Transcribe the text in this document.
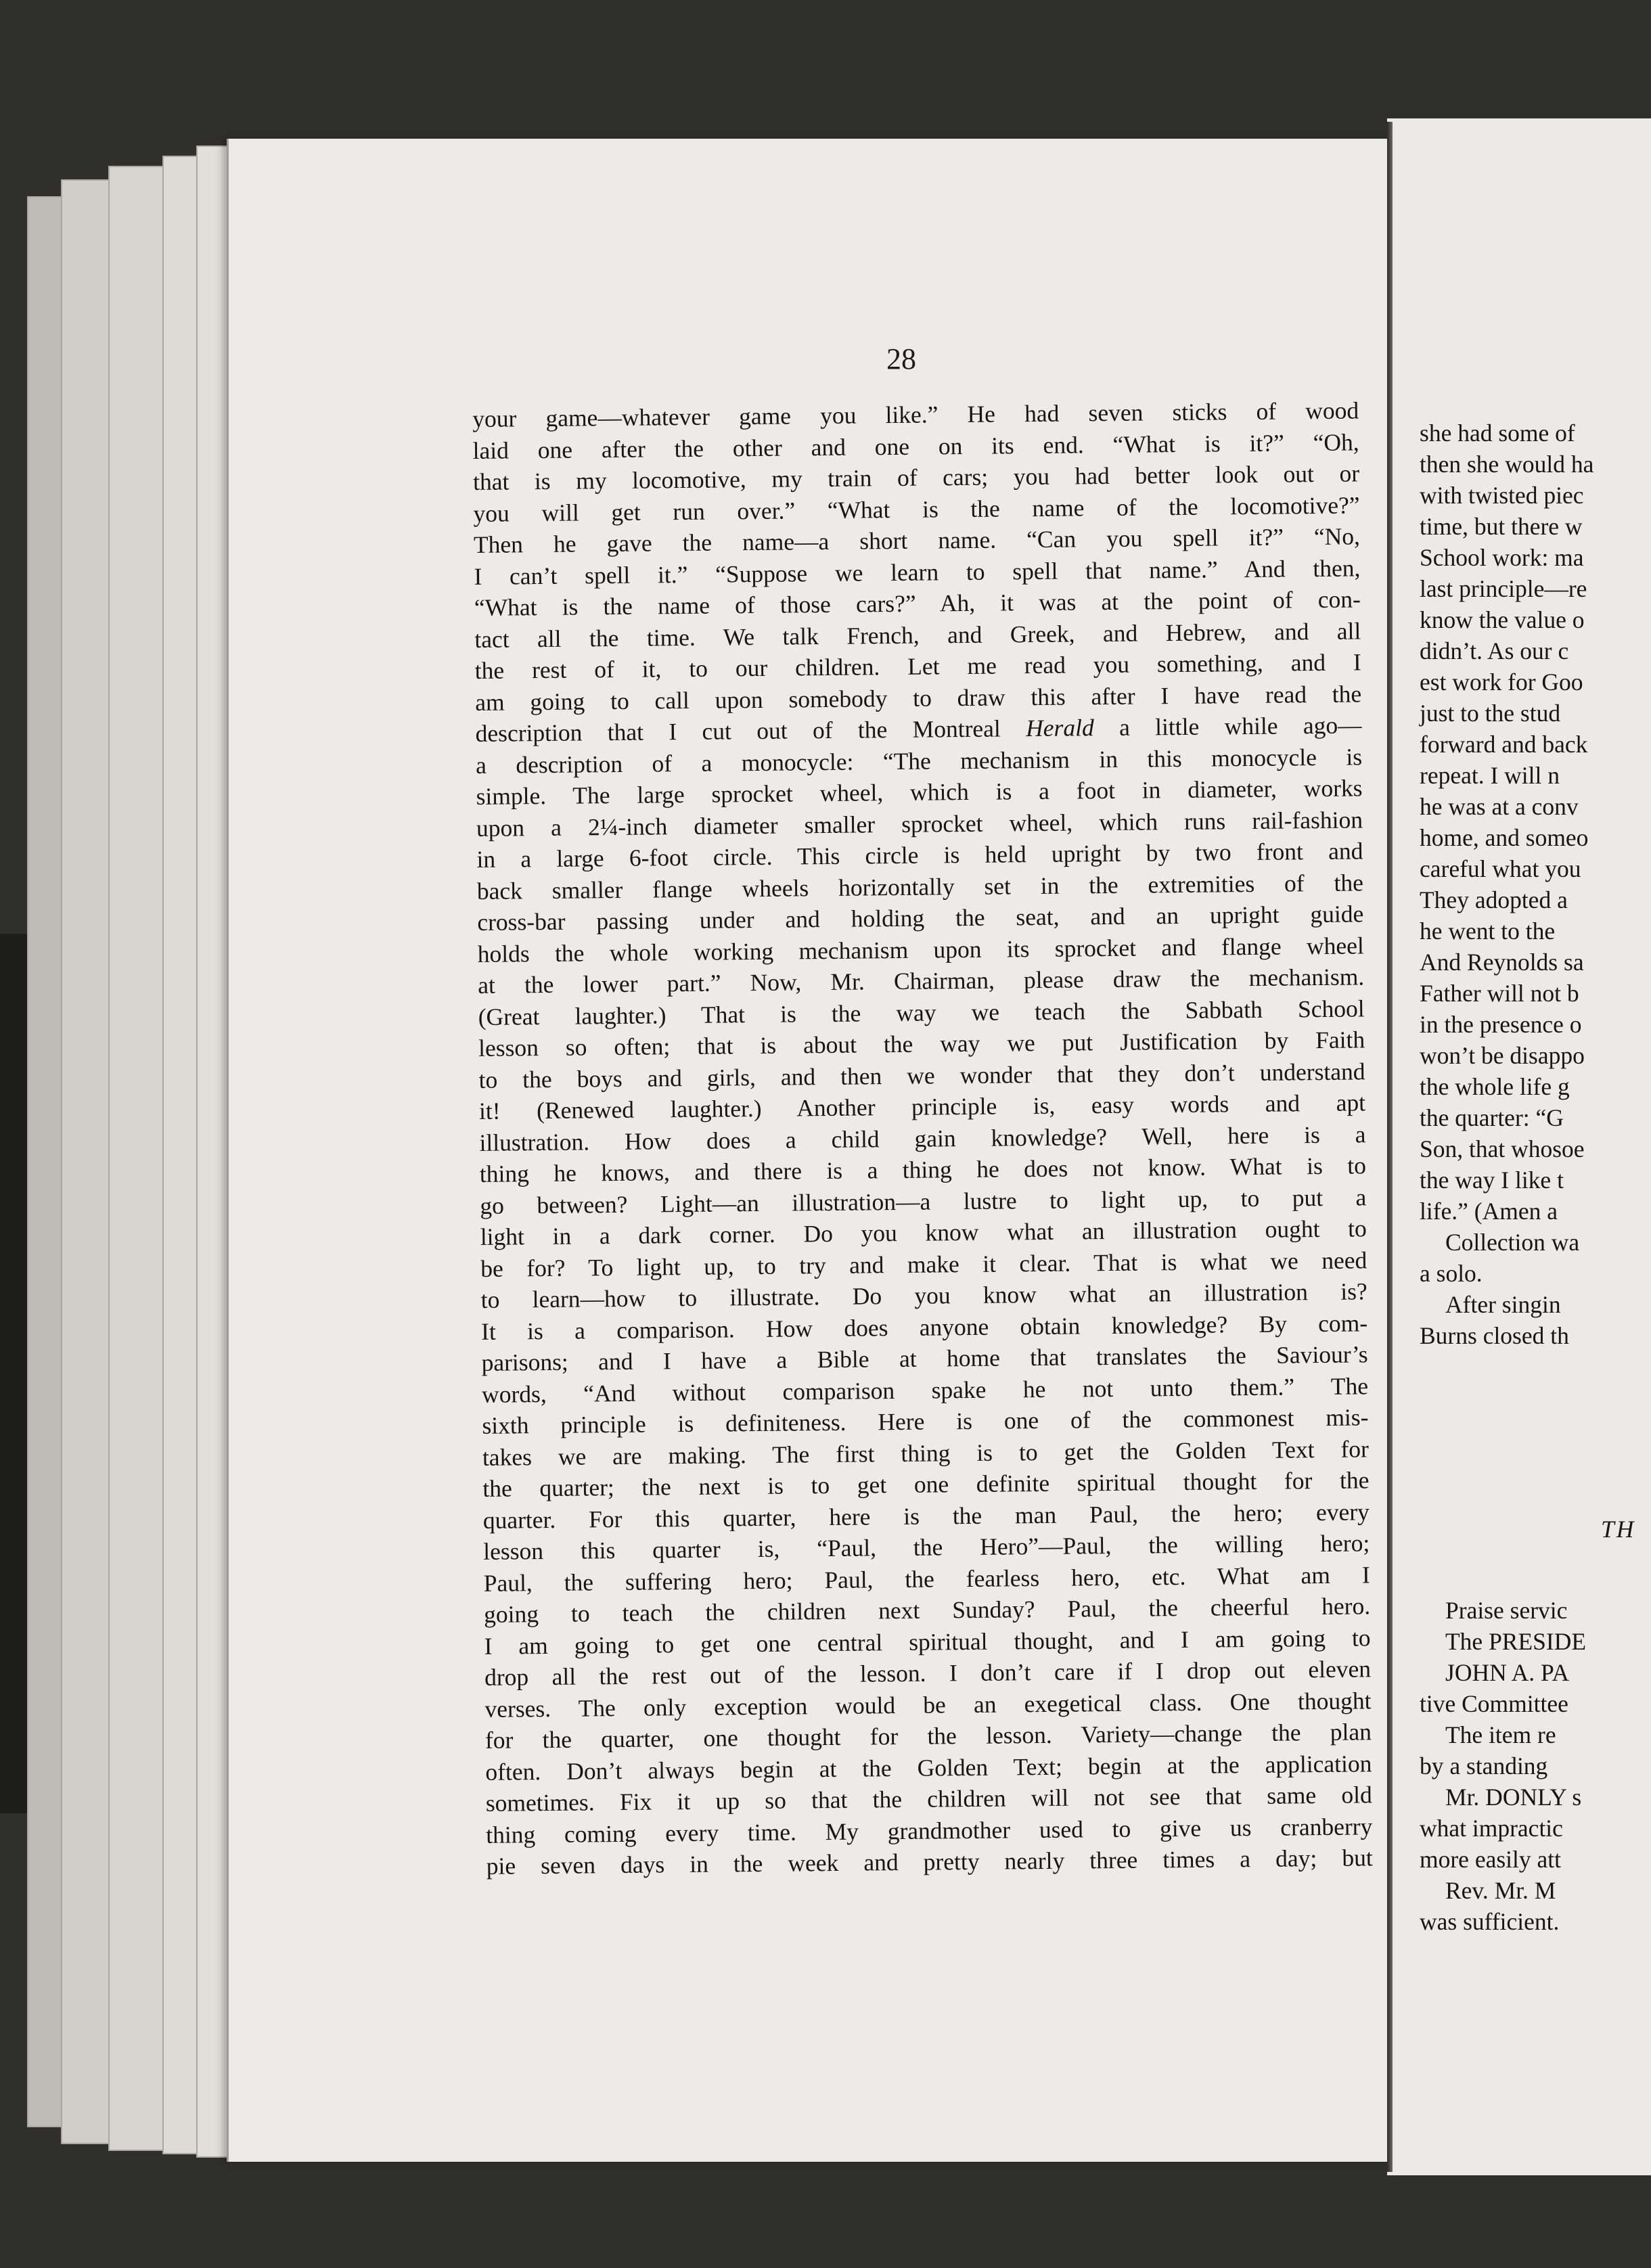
28
your game—whatever game you like.” He had seven sticks of wood
laid one after the other and one on its end. “What is it?” “Oh,
that is my locomotive, my train of cars; you had better look out or
you will get run over.” “What is the name of the locomotive?”
Then he gave the name—a short name. “Can you spell it?” “No,
I can’t spell it.” “Suppose we learn to spell that name.” And then,
“What is the name of those cars?” Ah, it was at the point of con-
tact all the time. We talk French, and Greek, and Hebrew, and all
the rest of it, to our children. Let me read you something, and I
am going to call upon somebody to draw this after I have read the
description that I cut out of the Montreal Herald a little while ago—
a description of a monocycle: “The mechanism in this monocycle is
simple. The large sprocket wheel, which is a foot in diameter, works
upon a 2¼-inch diameter smaller sprocket wheel, which runs rail-fashion
in a large 6-foot circle. This circle is held upright by two front and
back smaller flange wheels horizontally set in the extremities of the
cross-bar passing under and holding the seat, and an upright guide
holds the whole working mechanism upon its sprocket and flange wheel
at the lower part.” Now, Mr. Chairman, please draw the mechanism.
(Great laughter.) That is the way we teach the Sabbath School
lesson so often; that is about the way we put Justification by Faith
to the boys and girls, and then we wonder that they don’t understand
it! (Renewed laughter.) Another principle is, easy words and apt
illustration. How does a child gain knowledge? Well, here is a
thing he knows, and there is a thing he does not know. What is to
go between? Light—an illustration—a lustre to light up, to put a
light in a dark corner. Do you know what an illustration ought to
be for? To light up, to try and make it clear. That is what we need
to learn—how to illustrate. Do you know what an illustration is?
It is a comparison. How does anyone obtain knowledge? By com-
parisons; and I have a Bible at home that translates the Saviour’s
words, “And without comparison spake he not unto them.” The
sixth principle is definiteness. Here is one of the commonest mis-
takes we are making. The first thing is to get the Golden Text for
the quarter; the next is to get one definite spiritual thought for the
quarter. For this quarter, here is the man Paul, the hero; every
lesson this quarter is, “Paul, the Hero”—Paul, the willing hero;
Paul, the suffering hero; Paul, the fearless hero, etc. What am I
going to teach the children next Sunday? Paul, the cheerful hero.
I am going to get one central spiritual thought, and I am going to
drop all the rest out of the lesson. I don’t care if I drop out eleven
verses. The only exception would be an exegetical class. One thought
for the quarter, one thought for the lesson. Variety—change the plan
often. Don’t always begin at the Golden Text; begin at the application
sometimes. Fix it up so that the children will not see that same old
thing coming every time. My grandmother used to give us cranberry
pie seven days in the week and pretty nearly three times a day; but
she had some of
then she would ha
with twisted piec
time, but there w
School work: ma
last principle—re
know the value o
didn’t. As our c
est work for Goo
just to the stud
forward and back
repeat. I will n
he was at a conv
home, and someo
careful what you
They adopted a
he went to the
And Reynolds sa
Father will not b
in the presence o
won’t be disappo
the whole life g
the quarter: “G
Son, that whosoe
the way I like t
life.” (Amen a
Collection wa
a solo.
After singin
Burns closed th
TH
Praise servic
The PRESIDE
JOHN A. PA
tive Committee
The item re
by a standing
Mr. DONLY s
what impractic
more easily att
Rev. Mr. M
was sufficient.
